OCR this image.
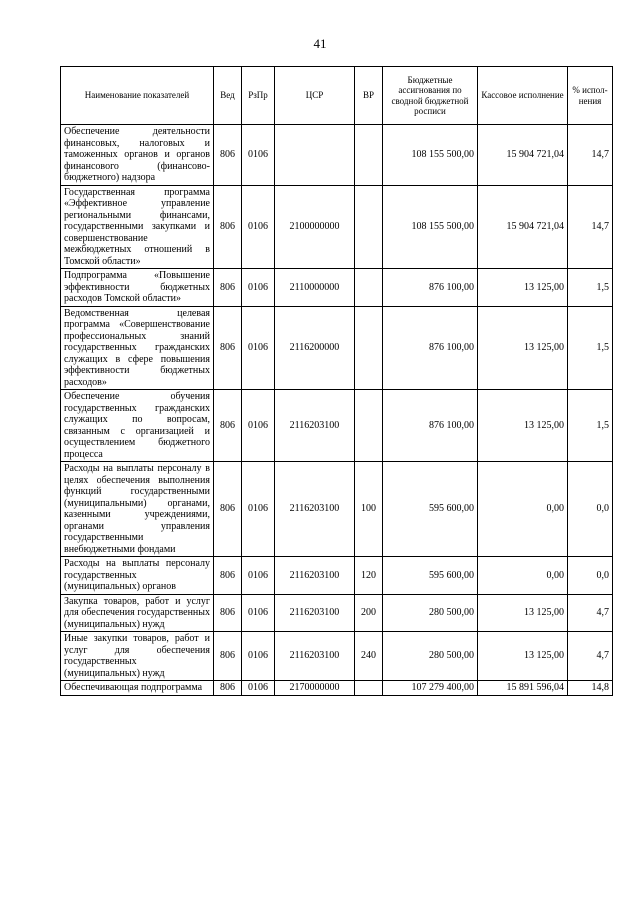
41
Наименование показателей	Вед	РзПр	ЦСР	ВР	Бюджетные ассигнования по сводной бюджетной росписи	Кассовое исполнение	% испол-нения
Обеспечение деятельности финансовых, налоговых и таможенных органов и органов финансового (финансово-бюджетного) надзора	806	0106			108 155 500,00	15 904 721,04	14,7
Государственная программа «Эффективное управление региональными финансами, государственными закупками и совершенствование межбюджетных отношений в Томской области»	806	0106	2100000000		108 155 500,00	15 904 721,04	14,7
Подпрограмма «Повышение эффективности бюджетных расходов Томской области»	806	0106	2110000000		876 100,00	13 125,00	1,5
Ведомственная целевая программа «Совершенствование профессиональных знаний государственных гражданских служащих в сфере повышения эффективности бюджетных расходов»	806	0106	2116200000		876 100,00	13 125,00	1,5
Обеспечение обучения государственных гражданских служащих по вопросам, связанным с организацией и осуществлением бюджетного процесса	806	0106	2116203100		876 100,00	13 125,00	1,5
Расходы на выплаты персоналу в целях обеспечения выполнения функций государственными (муниципальными) органами, казенными учреждениями, органами управления государственными внебюджетными фондами	806	0106	2116203100	100	595 600,00	0,00	0,0
Расходы на выплаты персоналу государственных (муниципальных) органов	806	0106	2116203100	120	595 600,00	0,00	0,0
Закупка товаров, работ и услуг для обеспечения государственных (муниципальных) нужд	806	0106	2116203100	200	280 500,00	13 125,00	4,7
Иные закупки товаров, работ и услуг для обеспечения государственных (муниципальных) нужд	806	0106	2116203100	240	280 500,00	13 125,00	4,7
Обеспечивающая подпрограмма	806	0106	2170000000		107 279 400,00	15 891 596,04	14,8
